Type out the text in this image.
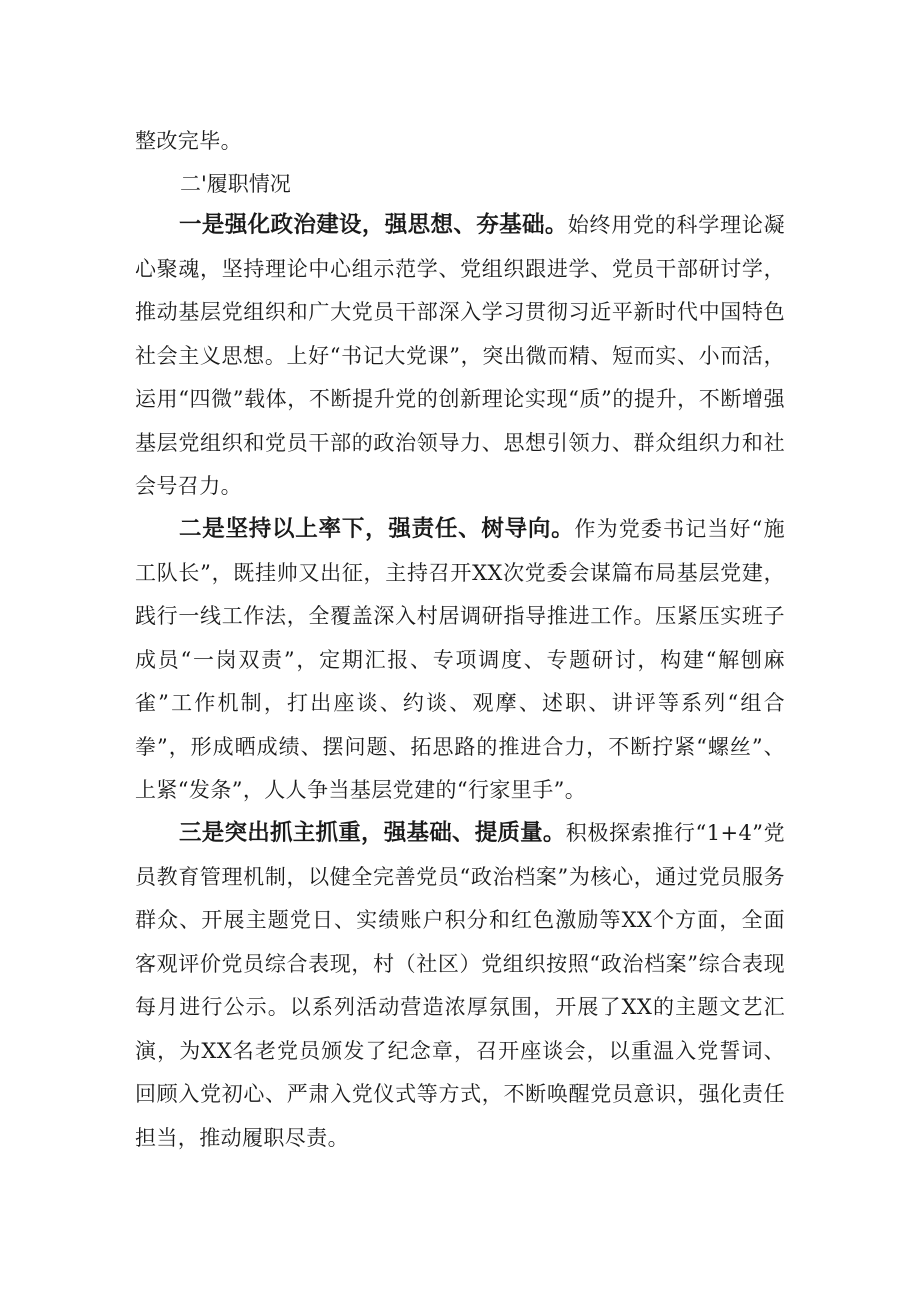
整改完毕。

二'履职情况

一是强化政治建设，强思想、夯基础。始终用党的科学理论凝心聚魂，坚持理论中心组示范学、党组织跟进学、党员干部研讨学，推动基层党组织和广大党员干部深入学习贯彻习近平新时代中国特色社会主义思想。上好“书记大党课”，突出微而精、短而实、小而活，运用“四微”载体，不断提升党的创新理论实现“质”的提升，不断增强基层党组织和党员干部的政治领导力、思想引领力、群众组织力和社会号召力。

二是坚持以上率下，强责任、树导向。作为党委书记当好“施工队长”，既挂帅又出征，主持召开XX次党委会谋篇布局基层党建，践行一线工作法，全覆盖深入村居调研指导推进工作。压紧压实班子成员“一岗双责”，定期汇报、专项调度、专题研讨，构建“解刨麻雀”工作机制，打出座谈、约谈、观摩、述职、讲评等系列“组合拳”，形成晒成绩、摆问题、拓思路的推进合力，不断拧紧“螺丝”、上紧“发条”，人人争当基层党建的“行家里手”。

三是突出抓主抓重，强基础、提质量。积极探索推行“1+4”党员教育管理机制，以健全完善党员“政治档案”为核心，通过党员服务群众、开展主题党日、实绩账户积分和红色激励等XX个方面，全面客观评价党员综合表现，村（社区）党组织按照“政治档案”综合表现每月进行公示。以系列活动营造浓厚氛围，开展了XX的主题文艺汇演，为XX名老党员颁发了纪念章，召开座谈会，以重温入党誓词、回顾入党初心、严肃入党仪式等方式，不断唤醒党员意识，强化责任担当，推动履职尽责。
